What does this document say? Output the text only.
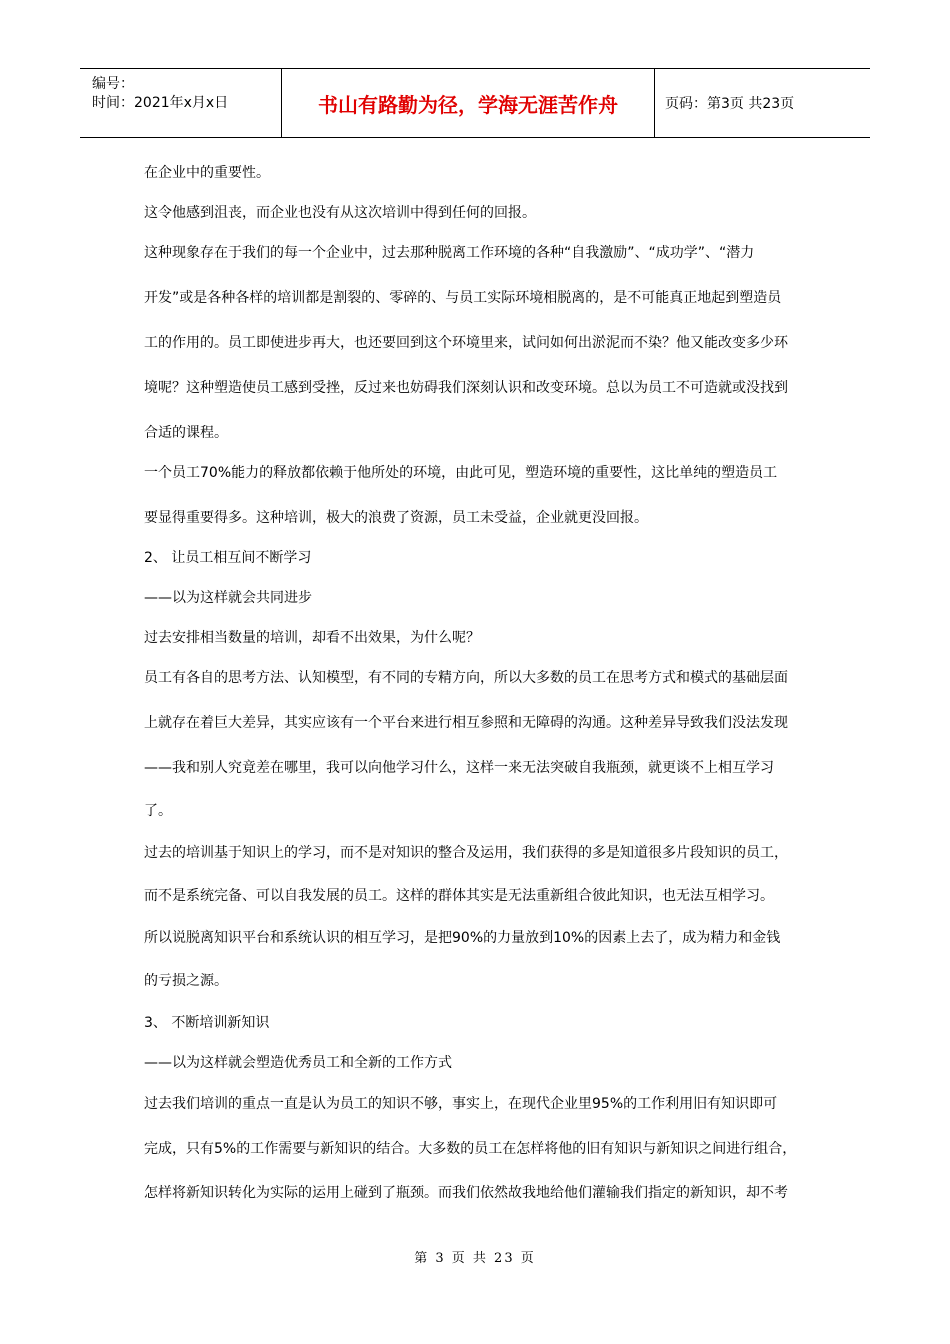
编号：
时间：2021年x月x日	书山有路勤为径，学海无涯苦作舟	页码：第3页 共23页
在企业中的重要性。
这令他感到沮丧，而企业也没有从这次培训中得到任何的回报。
这种现象存在于我们的每一个企业中，过去那种脱离工作环境的各种“自我激励”、“成功学”、“潜力
开发”或是各种各样的培训都是割裂的、零碎的、与员工实际环境相脱离的，是不可能真正地起到塑造员
工的作用的。员工即使进步再大，也还要回到这个环境里来，试问如何出淤泥而不染？他又能改变多少环
境呢？这种塑造使员工感到受挫，反过来也妨碍我们深刻认识和改变环境。总以为员工不可造就或没找到
合适的课程。
一个员工70%能力的释放都依赖于他所处的环境，由此可见，塑造环境的重要性，这比单纯的塑造员工
要显得重要得多。这种培训，极大的浪费了资源，员工未受益，企业就更没回报。
2、 让员工相互间不断学习
——以为这样就会共同进步
过去安排相当数量的培训，却看不出效果，为什么呢？
员工有各自的思考方法、认知模型，有不同的专精方向，所以大多数的员工在思考方式和模式的基础层面
上就存在着巨大差异，其实应该有一个平台来进行相互参照和无障碍的沟通。这种差异导致我们没法发现
——我和别人究竟差在哪里，我可以向他学习什么，这样一来无法突破自我瓶颈，就更谈不上相互学习
了。
过去的培训基于知识上的学习，而不是对知识的整合及运用，我们获得的多是知道很多片段知识的员工，
而不是系统完备、可以自我发展的员工。这样的群体其实是无法重新组合彼此知识，也无法互相学习。
所以说脱离知识平台和系统认识的相互学习，是把90%的力量放到10%的因素上去了，成为精力和金钱
的亏损之源。
3、 不断培训新知识
——以为这样就会塑造优秀员工和全新的工作方式
过去我们培训的重点一直是认为员工的知识不够，事实上，在现代企业里95%的工作利用旧有知识即可
完成，只有5%的工作需要与新知识的结合。大多数的员工在怎样将他的旧有知识与新知识之间进行组合，
怎样将新知识转化为实际的运用上碰到了瓶颈。而我们依然故我地给他们灌输我们指定的新知识，却不考
第 3 页 共 23 页
